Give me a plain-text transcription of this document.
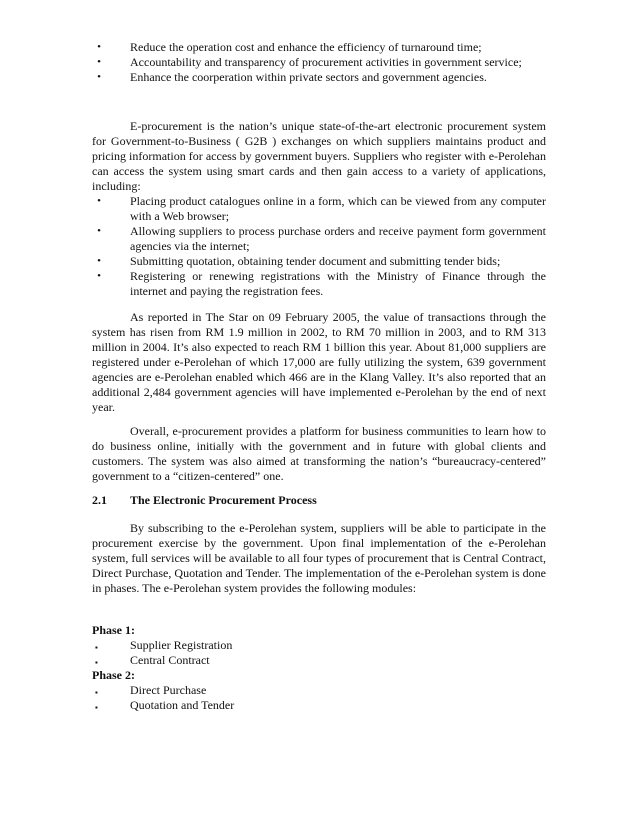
• Reduce the operation cost and enhance the efficiency of turnaround time;
• Accountability and transparency of procurement activities in government service;
• Enhance the coorperation within private sectors and government agencies.
E-procurement is the nation’s unique state-of-the-art electronic procurement system for Government-to-Business ( G2B ) exchanges on which suppliers maintains product and pricing information for access by government buyers. Suppliers who register with e-Perolehan can access the system using smart cards and then gain access to a variety of applications, including:
• Placing product catalogues online in a form, which can be viewed from any computer with a Web browser;
• Allowing suppliers to process purchase orders and receive payment form government agencies via the internet;
• Submitting quotation, obtaining tender document and submitting tender bids;
• Registering or renewing registrations with the Ministry of Finance through the internet and paying the registration fees.
As reported in The Star on 09 February 2005, the value of transactions through the system has risen from RM 1.9 million in 2002, to RM 70 million in 2003, and to RM 313 million in 2004. It’s also expected to reach RM 1 billion this year. About 81,000 suppliers are registered under e-Perolehan of which 17,000 are fully utilizing the system, 639 government agencies are e-Perolehan enabled which 466 are in the Klang Valley. It’s also reported that an additional 2,484 government agencies will have implemented e-Perolehan by the end of next year.
Overall, e-procurement provides a platform for business communities to learn how to do business online, initially with the government and in future with global clients and customers. The system was also aimed at transforming the nation’s “bureaucracy-centered” government to a “citizen-centered” one.
2.1 The Electronic Procurement Process
By subscribing to the e-Perolehan system, suppliers will be able to participate in the procurement exercise by the government. Upon final implementation of the e-Perolehan system, full services will be available to all four types of procurement that is Central Contract, Direct Purchase, Quotation and Tender. The implementation of the e-Perolehan system is done in phases. The e-Perolehan system provides the following modules:
Phase 1:
▪	Supplier Registration
▪	Central Contract
Phase 2:
▪	Direct Purchase
▪	Quotation and Tender
